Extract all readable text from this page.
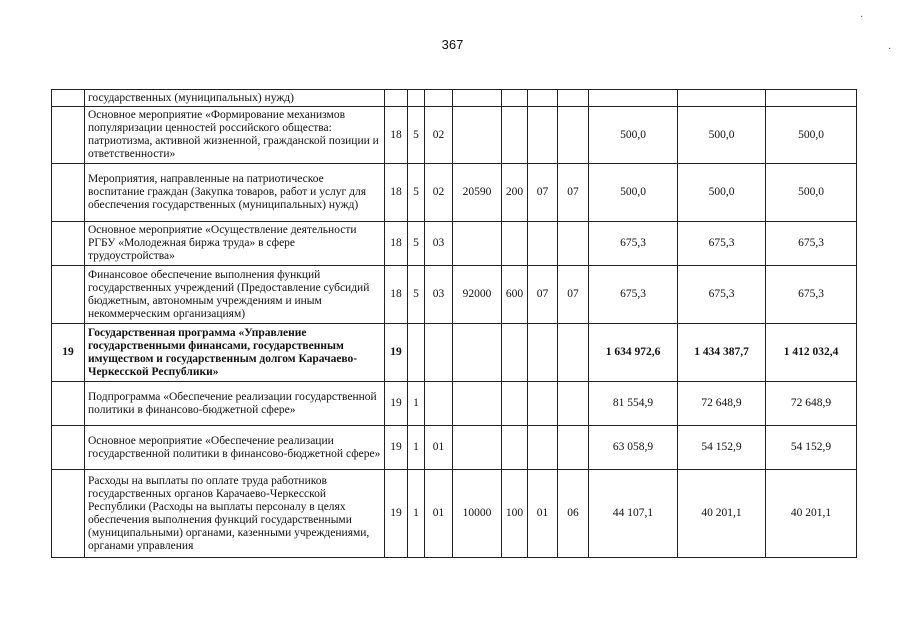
367
·
·
	государственных (муниципальных) нужд)										
	Основное мероприятие «Формирование механизмов популяризации ценностей российского общества: патриотизма, активной жизненной, гражданской позиции и ответственности»	18	5	02					500,0	500,0	500,0
	Мероприятия, направленные на патриотическое воспитание граждан (Закупка товаров, работ и услуг для обеспечения государственных (муниципальных) нужд)	18	5	02	20590	200	07	07	500,0	500,0	500,0
	Основное мероприятие «Осуществление деятельности РГБУ «Молодежная биржа труда» в сфере трудоустройства»	18	5	03					675,3	675,3	675,3
	Финансовое обеспечение выполнения функций государственных учреждений (Предоставление субсидий бюджетным, автономным учреждениям и иным некоммерческим организациям)	18	5	03	92000	600	07	07	675,3	675,3	675,3
19	Государственная программа «Управление государственными финансами, государственным имуществом и государственным долгом Карачаево-Черкесской Республики»	19							1 634 972,6	1 434 387,7	1 412 032,4
	Подпрограмма «Обеспечение реализации государственной политики в финансово-бюджетной сфере»	19	1						81 554,9	72 648,9	72 648,9
	Основное мероприятие «Обеспечение реализации государственной политики в финансово-бюджетной сфере»	19	1	01					63 058,9	54 152,9	54 152,9
	Расходы на выплаты по оплате труда работников государственных органов Карачаево-Черкесской Республики (Расходы на выплаты персоналу в целях обеспечения выполнения функций государственными (муниципальными) органами, казенными учреждениями, органами управления	19	1	01	10000	100	01	06	44 107,1	40 201,1	40 201,1
